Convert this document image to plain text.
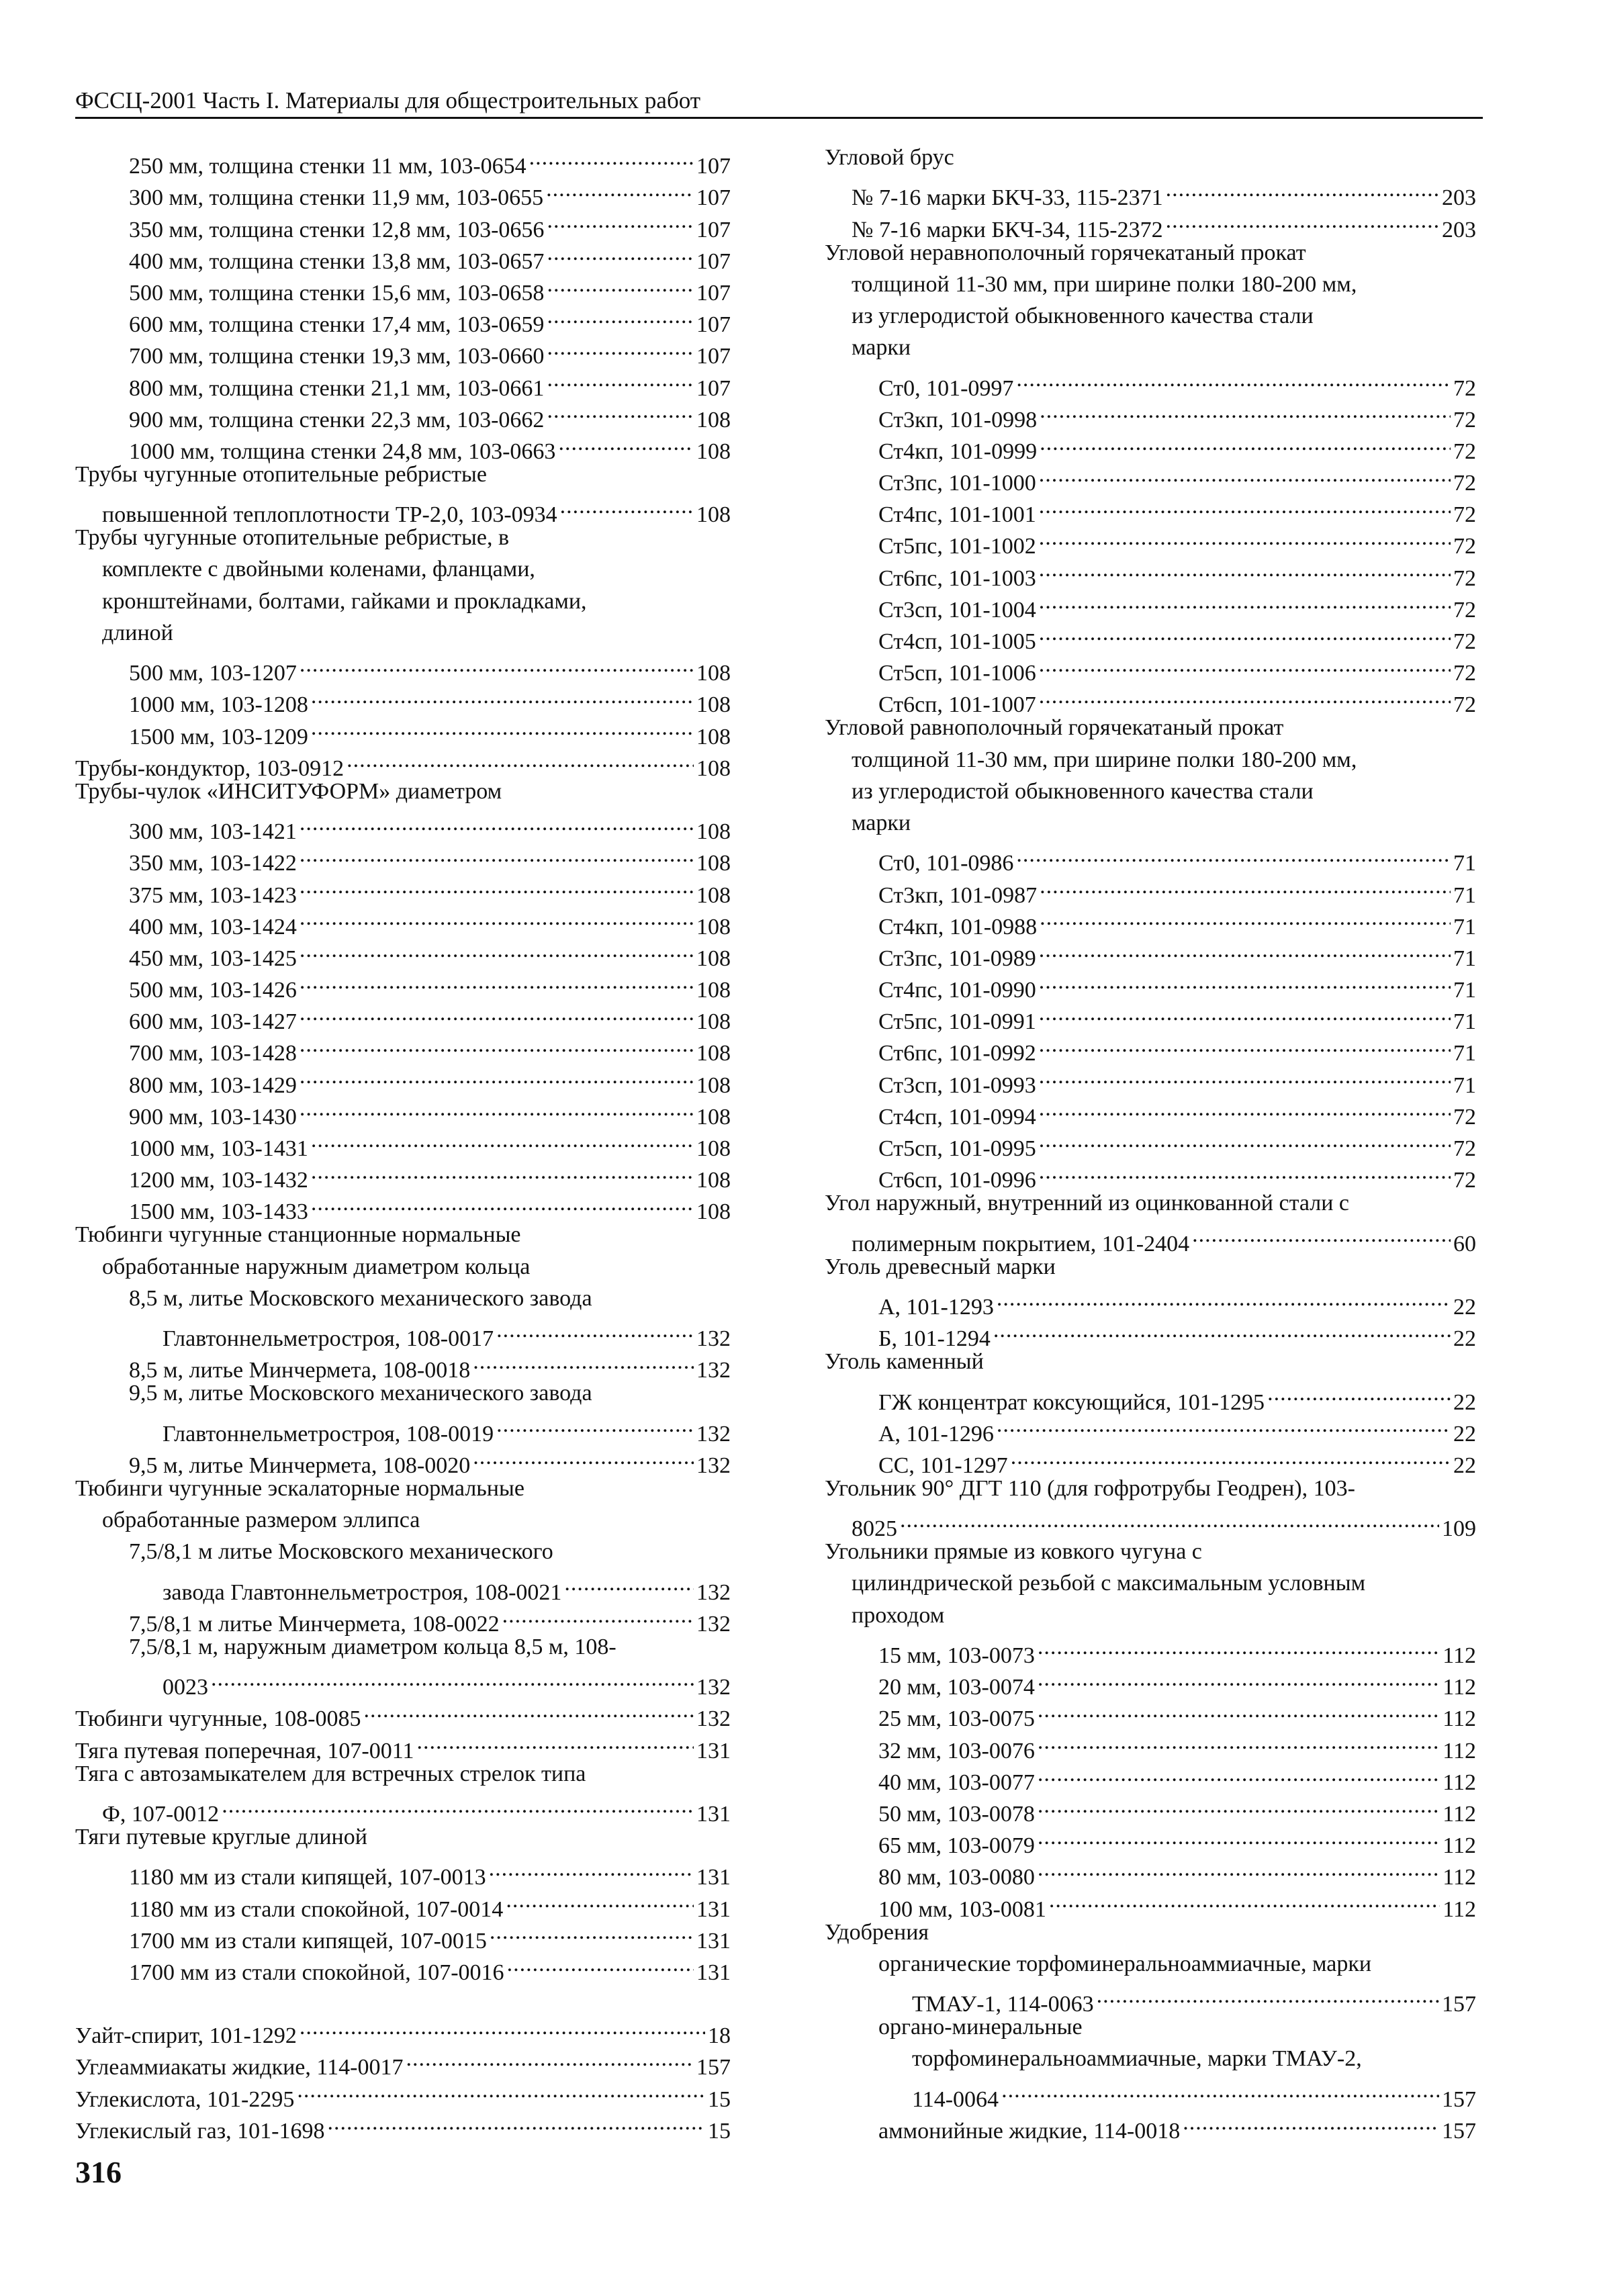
ФССЦ-2001 Часть I. Материалы для общестроительных работ
250 мм, толщина стенки 11 мм, 103-0654 .....	107
300 мм, толщина стенки 11,9 мм, 103-0655 .....	107
350 мм, толщина стенки 12,8 мм, 103-0656 .....	107
400 мм, толщина стенки 13,8 мм, 103-0657 .....	107
500 мм, толщина стенки 15,6 мм, 103-0658 .....	107
600 мм, толщина стенки 17,4 мм, 103-0659 .....	107
700 мм, толщина стенки 19,3 мм, 103-0660 .....	107
800 мм, толщина стенки 21,1 мм, 103-0661 .....	107
900 мм, толщина стенки 22,3 мм, 103-0662 .....	108
1000 мм, толщина стенки 24,8 мм, 103-0663 .....	108
Трубы чугунные отопительные ребристые
повышенной теплоплотности ТР-2,0, 103-0934 .....	108
Трубы чугунные отопительные ребристые, в
комплекте с двойными коленами, фланцами,
кронштейнами, болтами, гайками и прокладками,
длиной
500 мм, 103-1207 .....	108
1000 мм, 103-1208 .....	108
1500 мм, 103-1209 .....	108
Трубы-кондуктор, 103-0912 .....	108
Трубы-чулок «ИНСИТУФОРМ» диаметром
300 мм, 103-1421 .....	108
350 мм, 103-1422 .....	108
375 мм, 103-1423 .....	108
400 мм, 103-1424 .....	108
450 мм, 103-1425 .....	108
500 мм, 103-1426 .....	108
600 мм, 103-1427 .....	108
700 мм, 103-1428 .....	108
800 мм, 103-1429 .....	108
900 мм, 103-1430 .....	108
1000 мм, 103-1431 .....	108
1200 мм, 103-1432 .....	108
1500 мм, 103-1433 .....	108
Тюбинги чугунные станционные нормальные
обработанные наружным диаметром кольца
8,5 м, литье Московского механического завода
Главтоннельметростроя, 108-0017 .....	132
8,5 м, литье Минчермета, 108-0018 .....	132
9,5 м, литье Московского механического завода
Главтоннельметростроя, 108-0019 .....	132
9,5 м, литье Минчермета, 108-0020 .....	132
Тюбинги чугунные эскалаторные нормальные
обработанные размером эллипса
7,5/8,1 м литье Московского механического
завода Главтоннельметростроя, 108-0021 .....	132
7,5/8,1 м литье Минчермета, 108-0022 .....	132
7,5/8,1 м, наружным диаметром кольца 8,5 м, 108-
0023 .....	132
Тюбинги чугунные, 108-0085 .....	132
Тяга путевая поперечная, 107-0011 .....	131
Тяга с автозамыкателем для встречных стрелок типа
Ф, 107-0012 .....	131
Тяги путевые круглые длиной
1180 мм из стали кипящей, 107-0013 .....	131
1180 мм из стали спокойной, 107-0014 .....	131
1700 мм из стали кипящей, 107-0015 .....	131
1700 мм из стали спокойной, 107-0016 .....	131
Уайт-спирит, 101-1292 .....	18
Углеаммиакаты жидкие, 114-0017 .....	157
Углекислота, 101-2295 .....	15
Углекислый газ, 101-1698 .....	15
Угловой брус
№ 7-16 марки БКЧ-33, 115-2371 .....	203
№ 7-16 марки БКЧ-34, 115-2372 .....	203
Угловой неравнополочный горячекатаный прокат
толщиной 11-30 мм, при ширине полки 180-200 мм,
из углеродистой обыкновенного качества стали
марки
Ст0, 101-0997 .....	72
Ст3кп, 101-0998 .....	72
Ст4кп, 101-0999 .....	72
Ст3пс, 101-1000 .....	72
Ст4пс, 101-1001 .....	72
Ст5пс, 101-1002 .....	72
Ст6пс, 101-1003 .....	72
Ст3сп, 101-1004 .....	72
Ст4сп, 101-1005 .....	72
Ст5сп, 101-1006 .....	72
Ст6сп, 101-1007 .....	72
Угловой равнополочный горячекатаный прокат
толщиной 11-30 мм, при ширине полки 180-200 мм,
из углеродистой обыкновенного качества стали
марки
Ст0, 101-0986 .....	71
Ст3кп, 101-0987 .....	71
Ст4кп, 101-0988 .....	71
Ст3пс, 101-0989 .....	71
Ст4пс, 101-0990 .....	71
Ст5пс, 101-0991 .....	71
Ст6пс, 101-0992 .....	71
Ст3сп, 101-0993 .....	71
Ст4сп, 101-0994 .....	72
Ст5сп, 101-0995 .....	72
Ст6сп, 101-0996 .....	72
Угол наружный, внутренний из оцинкованной стали с
полимерным покрытием, 101-2404 .....	60
Уголь древесный марки
А, 101-1293 .....	22
Б, 101-1294 .....	22
Уголь каменный
ГЖ концентрат коксующийся, 101-1295 .....	22
А, 101-1296 .....	22
СС, 101-1297 .....	22
Угольник 90° ДГТ 110 (для гофротрубы Геодрен), 103-
8025 .....	109
Угольники прямые из ковкого чугуна с
цилиндрической резьбой с максимальным условным
проходом
15 мм, 103-0073 .....	112
20 мм, 103-0074 .....	112
25 мм, 103-0075 .....	112
32 мм, 103-0076 .....	112
40 мм, 103-0077 .....	112
50 мм, 103-0078 .....	112
65 мм, 103-0079 .....	112
80 мм, 103-0080 .....	112
100 мм, 103-0081 .....	112
Удобрения
органические торфоминеральноаммиачные, марки
ТМАУ-1, 114-0063 .....	157
органо-минеральные
торфоминеральноаммиачные, марки ТМАУ-2,
114-0064 .....	157
аммонийные жидкие, 114-0018 .....	157
316
